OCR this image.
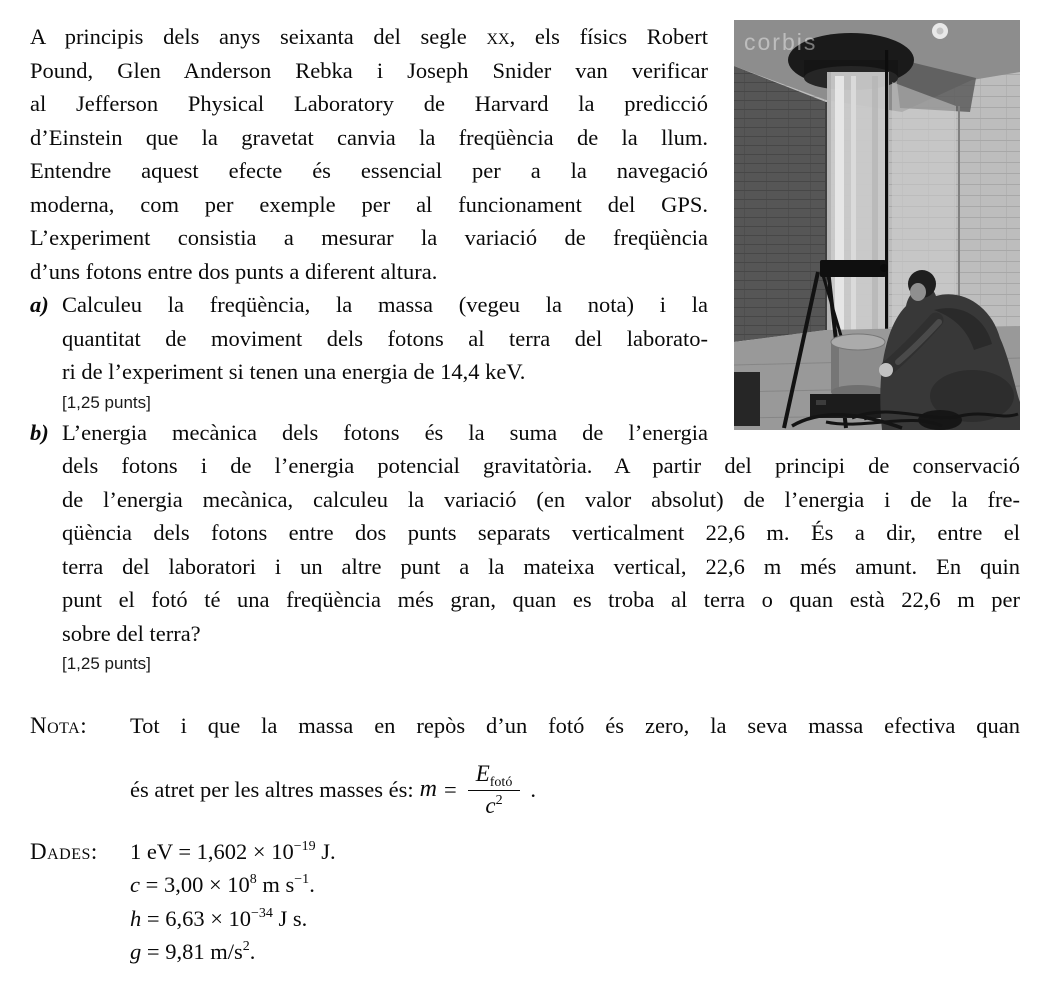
corbis
A principis dels anys seixanta del segle xx, els físics Robert
Pound, Glen Anderson Rebka i Joseph Snider van verificar
al Jefferson Physical Laboratory de Harvard la predicció
d’Einstein que la gravetat canvia la freqüència de la llum.
Entendre aquest efecte és essencial per a la navegació
moderna, com per exemple per al funcionament del GPS.
L’experiment consistia a mesurar la variació de freqüència
d’uns fotons entre dos punts a diferent altura.
a) Calculeu la freqüència, la massa (vegeu la nota) i la
quantitat de moviment dels fotons al terra del laborato-
ri de l’experiment si tenen una energia de 14,4 keV.
[1,25 punts]
b) L’energia mecànica dels fotons és la suma de l’energia
dels fotons i de l’energia potencial gravitatòria. A partir del principi de conservació
de l’energia mecànica, calculeu la variació (en valor absolut) de l’energia i de la fre-
qüència dels fotons entre dos punts separats verticalment 22,6 m. És a dir, entre el
terra del laboratori i un altre punt a la mateixa vertical, 22,6 m més amunt. En quin
punt el fotó té una freqüència més gran, quan es troba al terra o quan està 22,6 m per
sobre del terra?
[1,25 punts]
Nota:	Tot i que la massa en repòs d’un fotó és zero, la seva massa efectiva quan
és atret per les altres masses és: $m = \frac{E_{fotó}}{c^2}$ .
Dades:	1 eV = $1,602 \times 10^{-19}$ J.
$c = 3,00 \times 10^8$ m $s^{-1}$.
$h = 6,63 \times 10^{-34}$ J s.
g = 9,81 $m/s^2$.
